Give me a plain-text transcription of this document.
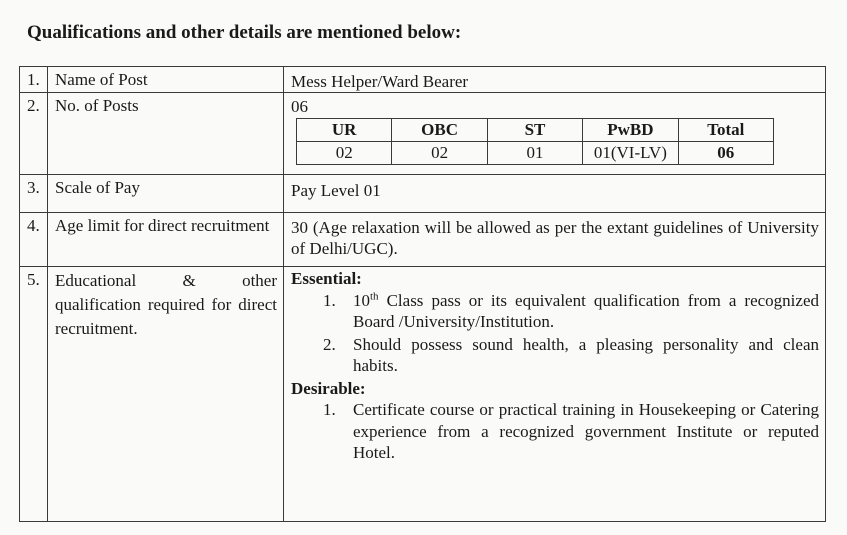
Qualifications and other details are mentioned below:
1.	Name of Post	Mess Helper/Ward Bearer
2.	No. of Posts	06
UR	OBC	ST	PwBD	Total
02	02	01	01(VI-LV)	06

3.	Scale of Pay	Pay Level 01
4.	Age limit for direct recruitment	30 (Age relaxation will be allowed as per the extant guidelines of University of Delhi/UGC).
5.	Educational & other qualification required for direct recruitment.	
Essential:
1. 10th Class pass or its equivalent qualification from a recognized Board /University/Institution.
2. Should possess sound health, a pleasing personality and clean habits.
Desirable:
1. Certificate course or practical training in Housekeeping or Catering experience from a recognized government Institute or reputed Hotel.
